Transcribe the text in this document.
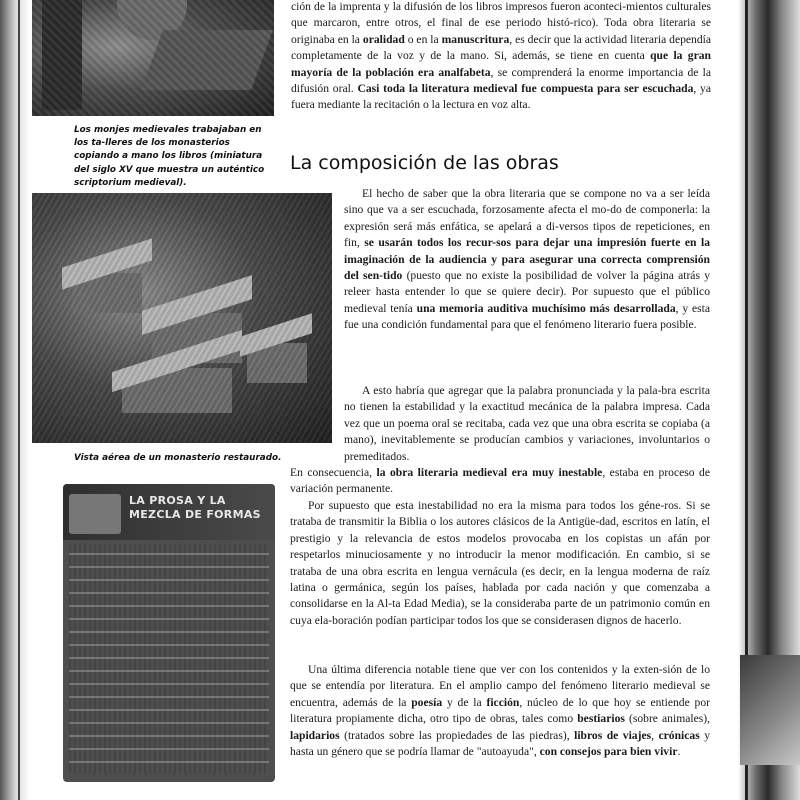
Los monjes medievales trabajaban en los ta-lleres de los monasterios copiando a mano los libros (miniatura del siglo XV que muestra un auténtico scriptorium medieval).
Vista aérea de un monasterio restaurado.
LA PROSA Y LA MEZCLA DE FORMAS

ción de la imprenta y la difusión de los libros impresos fueron aconteci-mientos culturales que marcaron, entre otros, el final de ese periodo histó-rico). Toda obra literaria se originaba en la oralidad o en la manuscritura, es decir que la actividad literaria dependía completamente de la voz y de la mano. Si, además, se tiene en cuenta que la gran mayoría de la población era analfabeta, se comprenderá la enorme importancia de la difusión oral. Casi toda la literatura medieval fue compuesta para ser escuchada, ya fuera mediante la recitación o la lectura en voz alta.

La composición de las obras

El hecho de saber que la obra literaria que se compone no va a ser leída sino que va a ser escuchada, forzosamente afecta el mo-do de componerla: la expresión será más enfática, se apelará a di-versos tipos de repeticiones, en fin, se usarán todos los recur-sos para dejar una impresión fuerte en la imaginación de la audiencia y para asegurar una correcta comprensión del sen-tido (puesto que no existe la posibilidad de volver la página atrás y releer hasta entender lo que se quiere decir). Por supuesto que el público medieval tenía una memoria auditiva muchísimo más desarrollada, y esta fue una condición fundamental para que el fenómeno literario fuera posible.

A esto habría que agregar que la palabra pronunciada y la pala-bra escrita no tienen la estabilidad y la exactitud mecánica de la palabra impresa. Cada vez que un poema oral se recitaba, cada vez que una obra escrita se copiaba (a mano), inevitablemente se producían cambios y variaciones, involuntarios o premeditados.

En consecuencia, la obra literaria medieval era muy inestable, estaba en proceso de variación permanente.

Por supuesto que esta inestabilidad no era la misma para todos los géne-ros. Si se trataba de transmitir la Biblia o los autores clásicos de la Antigüe-dad, escritos en latín, el prestigio y la relevancia de estos modelos provocaba en los copistas un afán por respetarlos minuciosamente y no introducir la menor modificación. En cambio, si se trataba de una obra escrita en lengua vernácula (es decir, en la lengua moderna de raíz latina o germánica, según los países, hablada por cada nación y que comenzaba a consolidarse en la Al-ta Edad Media), se la consideraba parte de un patrimonio común en cuya ela-boración podían participar todos los que se considerasen dignos de hacerlo.

Una última diferencia notable tiene que ver con los contenidos y la exten-sión de lo que se entendía por literatura. En el amplio campo del fenómeno literario medieval se encuentra, además de la poesía y de la ficción, núcleo de lo que hoy se entiende por literatura propiamente dicha, otro tipo de obras, tales como bestiarios (sobre animales), lapidarios (tratados sobre las propiedades de las piedras), libros de viajes, crónicas y hasta un género que se podría llamar de "autoayuda", con consejos para bien vivir.
